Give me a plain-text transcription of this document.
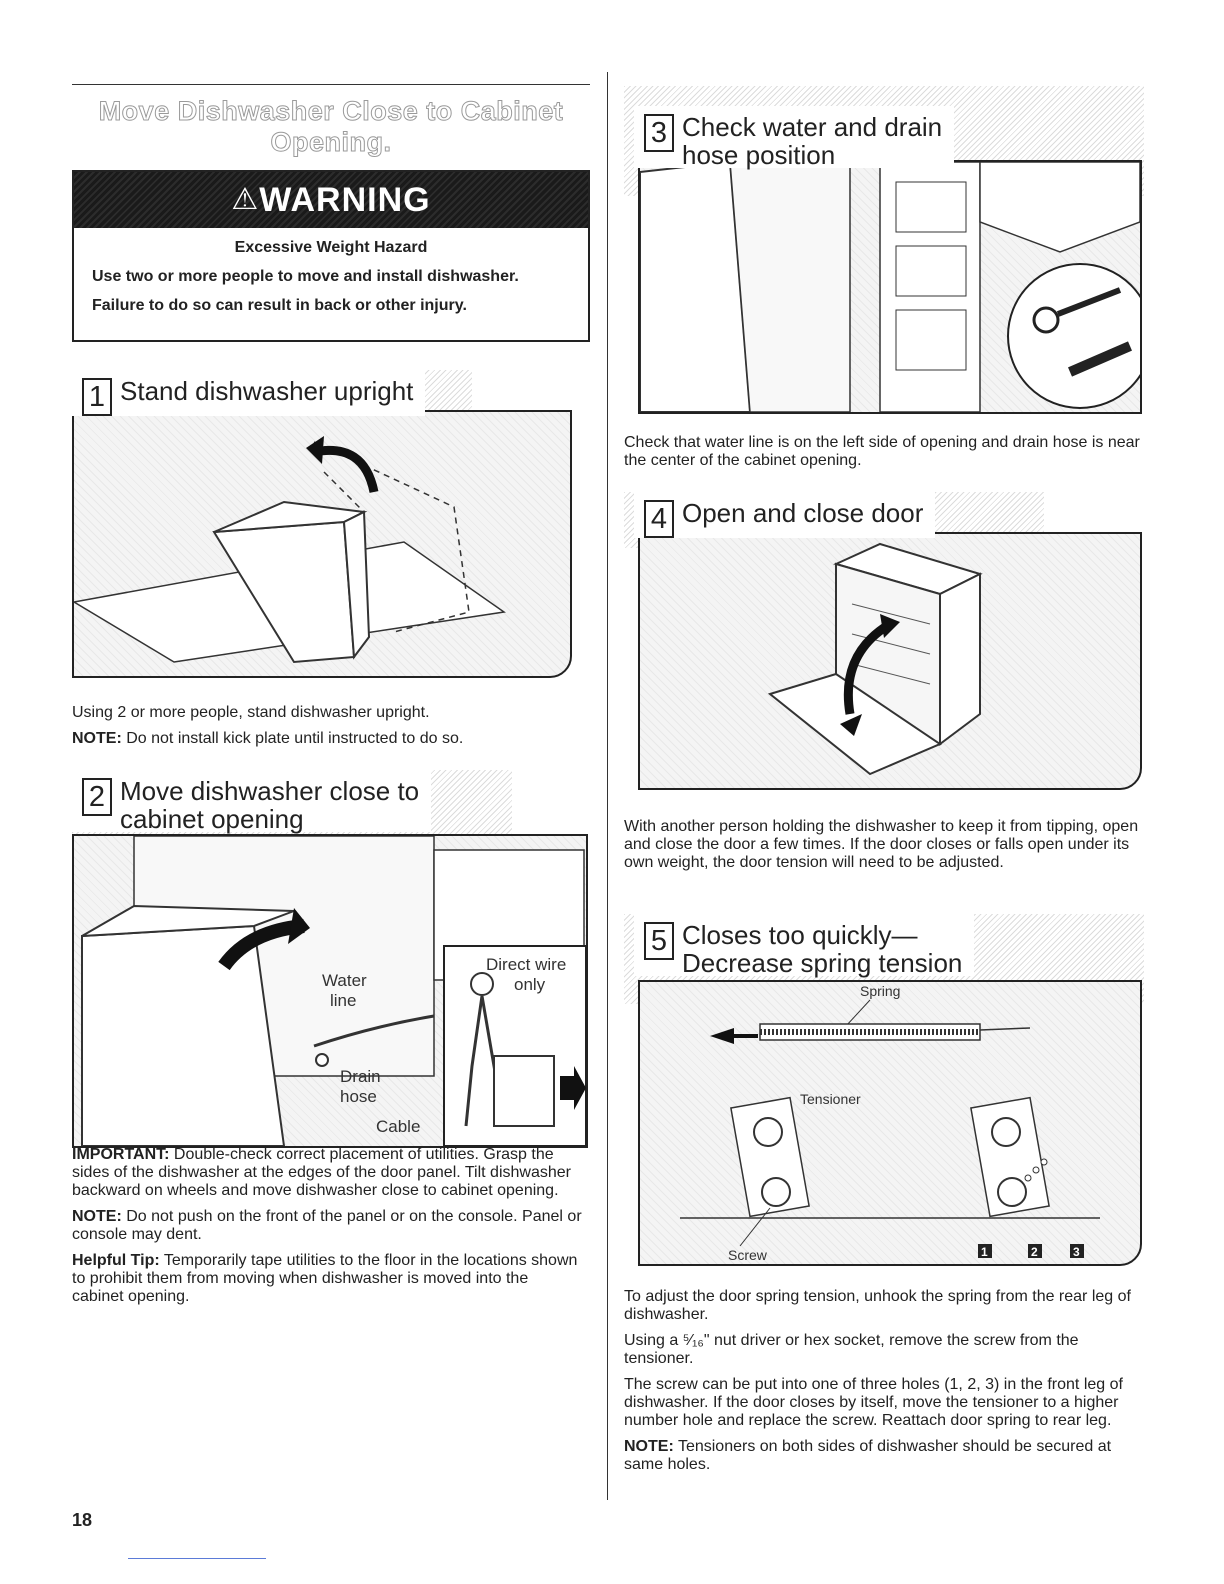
Move Dishwasher Close to Cabinet Opening.
⚠WARNING

Excessive Weight Hazard

Use two or more people to move and install dishwasher.

Failure to do so can result in back or other injury.

1 Stand dishwasher upright

Using 2 or more people, stand dishwasher upright.

NOTE: Do not install kick plate until instructed to do so.

Water
line
Drain
hose
Cable
Direct wire
only
2 Move dishwasher close to
cabinet opening

IMPORTANT: Double-check correct placement of utilities. Grasp the sides of the dishwasher at the edges of the door panel. Tilt dishwasher backward on wheels and move dishwasher close to cabinet opening.

NOTE: Do not push on the front of the panel or on the console. Panel or console may dent.

Helpful Tip: Temporarily tape utilities to the floor in the locations shown to prohibit them from moving when dishwasher is moved into the cabinet opening.

3 Check water and drain
hose position

Check that water line is on the left side of opening and drain hose is near the center of the cabinet opening.

4 Open and close door

With another person holding the dishwasher to keep it from tipping, open and close the door a few times. If the door closes or falls open under its own weight, the door tension will need to be adjusted.

Spring
Tensioner
Screw	1	2	3
5 Closes too quickly—
Decrease spring tension

To adjust the door spring tension, unhook the spring from the rear leg of dishwasher.

Using a ⁵⁄₁₆" nut driver or hex socket, remove the screw from the tensioner.

The screw can be put into one of three holes (1, 2, 3) in the front leg of dishwasher. If the door closes by itself, move the tensioner to a higher number hole and replace the screw. Reattach door spring to rear leg.

NOTE: Tensioners on both sides of dishwasher should be secured at same holes.

18
